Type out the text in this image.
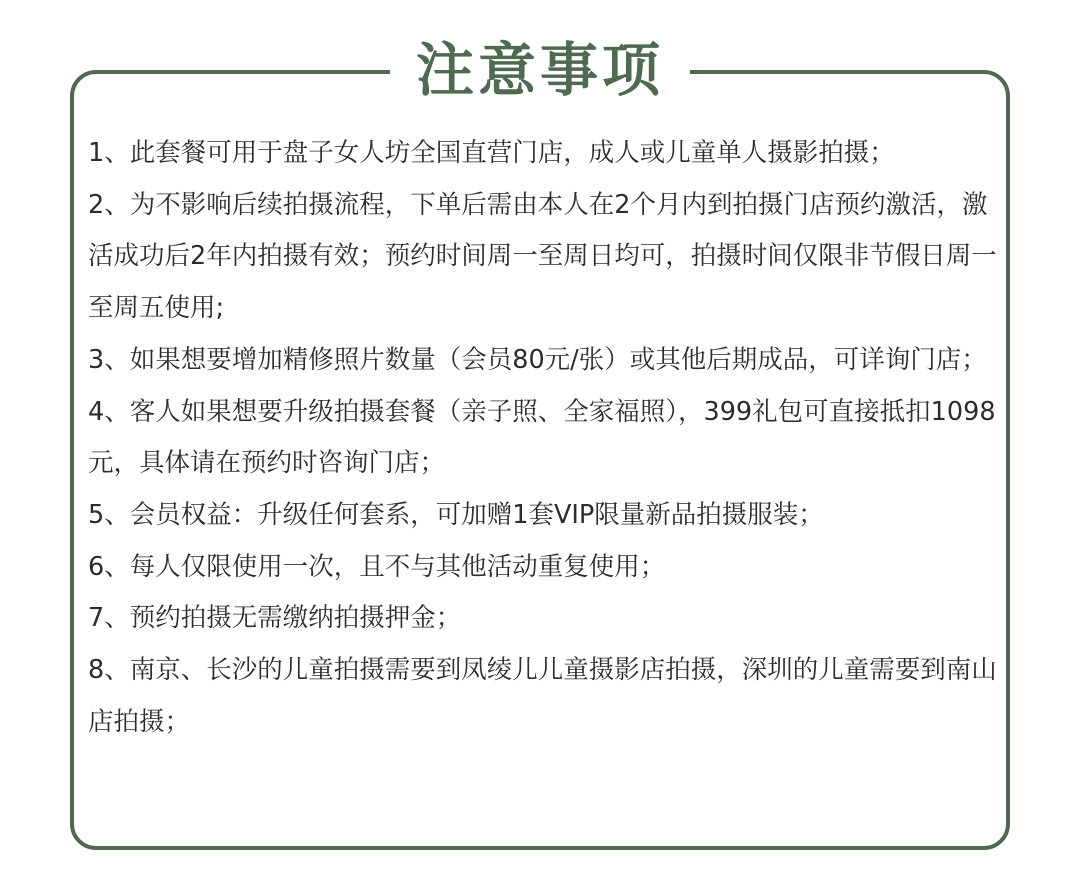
注意事项

1、此套餐可用于盘子女人坊全国直营门店，成人或儿童单人摄影拍摄；

2、为不影响后续拍摄流程，下单后需由本人在2个月内到拍摄门店预约激活，激活成功后2年内拍摄有效；预约时间周一至周日均可，拍摄时间仅限非节假日周一至周五使用;

3、如果想要增加精修照片数量（会员80元/张）或其他后期成品，可详询门店；

4、客人如果想要升级拍摄套餐（亲子照、全家福照），399礼包可直接抵扣1098元，具体请在预约时咨询门店；

5、会员权益：升级任何套系，可加赠1套VIP限量新品拍摄服装；

6、每人仅限使用一次，且不与其他活动重复使用；

7、预约拍摄无需缴纳拍摄押金；

8、南京、长沙的儿童拍摄需要到凤绫儿儿童摄影店拍摄，深圳的儿童需要到南山店拍摄；
